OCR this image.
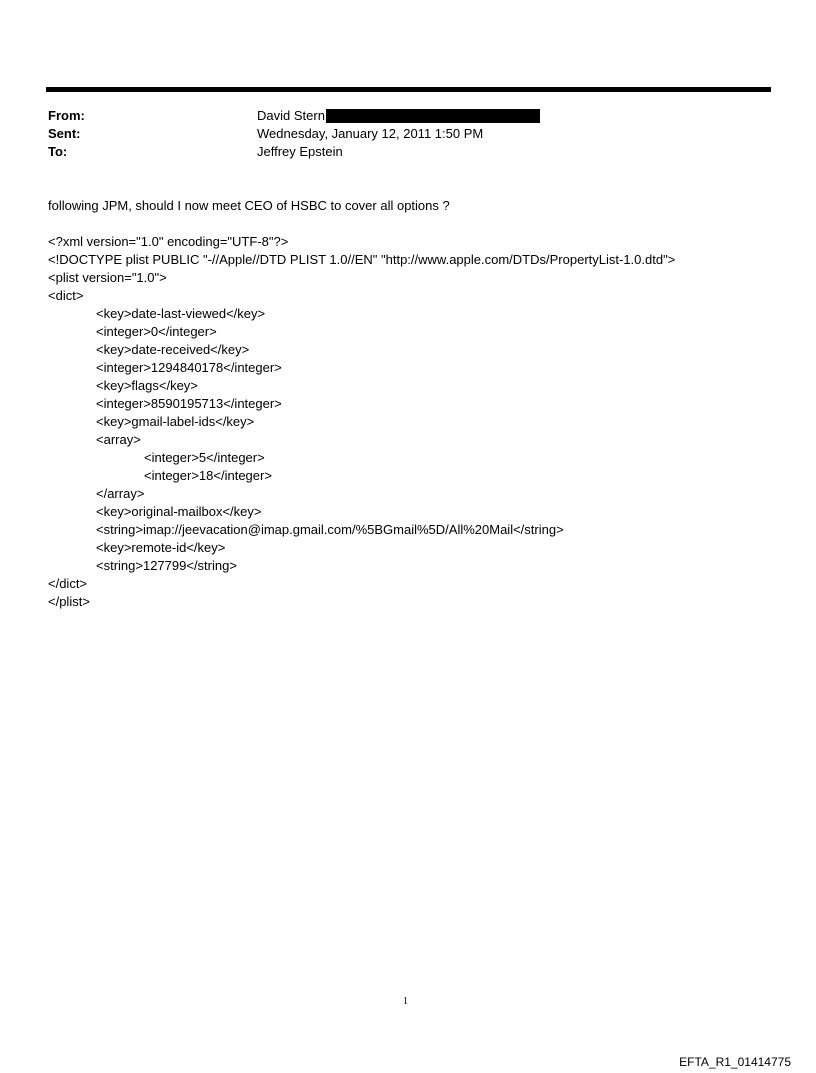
From:	David Stern
Sent:	Wednesday, January 12, 2011 1:50 PM
To:	Jeffrey Epstein
following JPM, should I now meet CEO of HSBC to cover all options ?
<?xml version="1.0" encoding="UTF-8"?>
<!DOCTYPE plist PUBLIC "-//Apple//DTD PLIST 1.0//EN" "http://www.apple.com/DTDs/PropertyList-1.0.dtd">
<plist version="1.0">
<dict>
<key>date-last-viewed</key>
<integer>0</integer>
<key>date-received</key>
<integer>1294840178</integer>
<key>flags</key>
<integer>8590195713</integer>
<key>gmail-label-ids</key>
<array>
<integer>5</integer>
<integer>18</integer>
</array>
<key>original-mailbox</key>
<string>imap://jeevacation@imap.gmail.com/%5BGmail%5D/All%20Mail</string>
<key>remote-id</key>
<string>127799</string>
</dict>
</plist>
1
EFTA_R1_01414775
